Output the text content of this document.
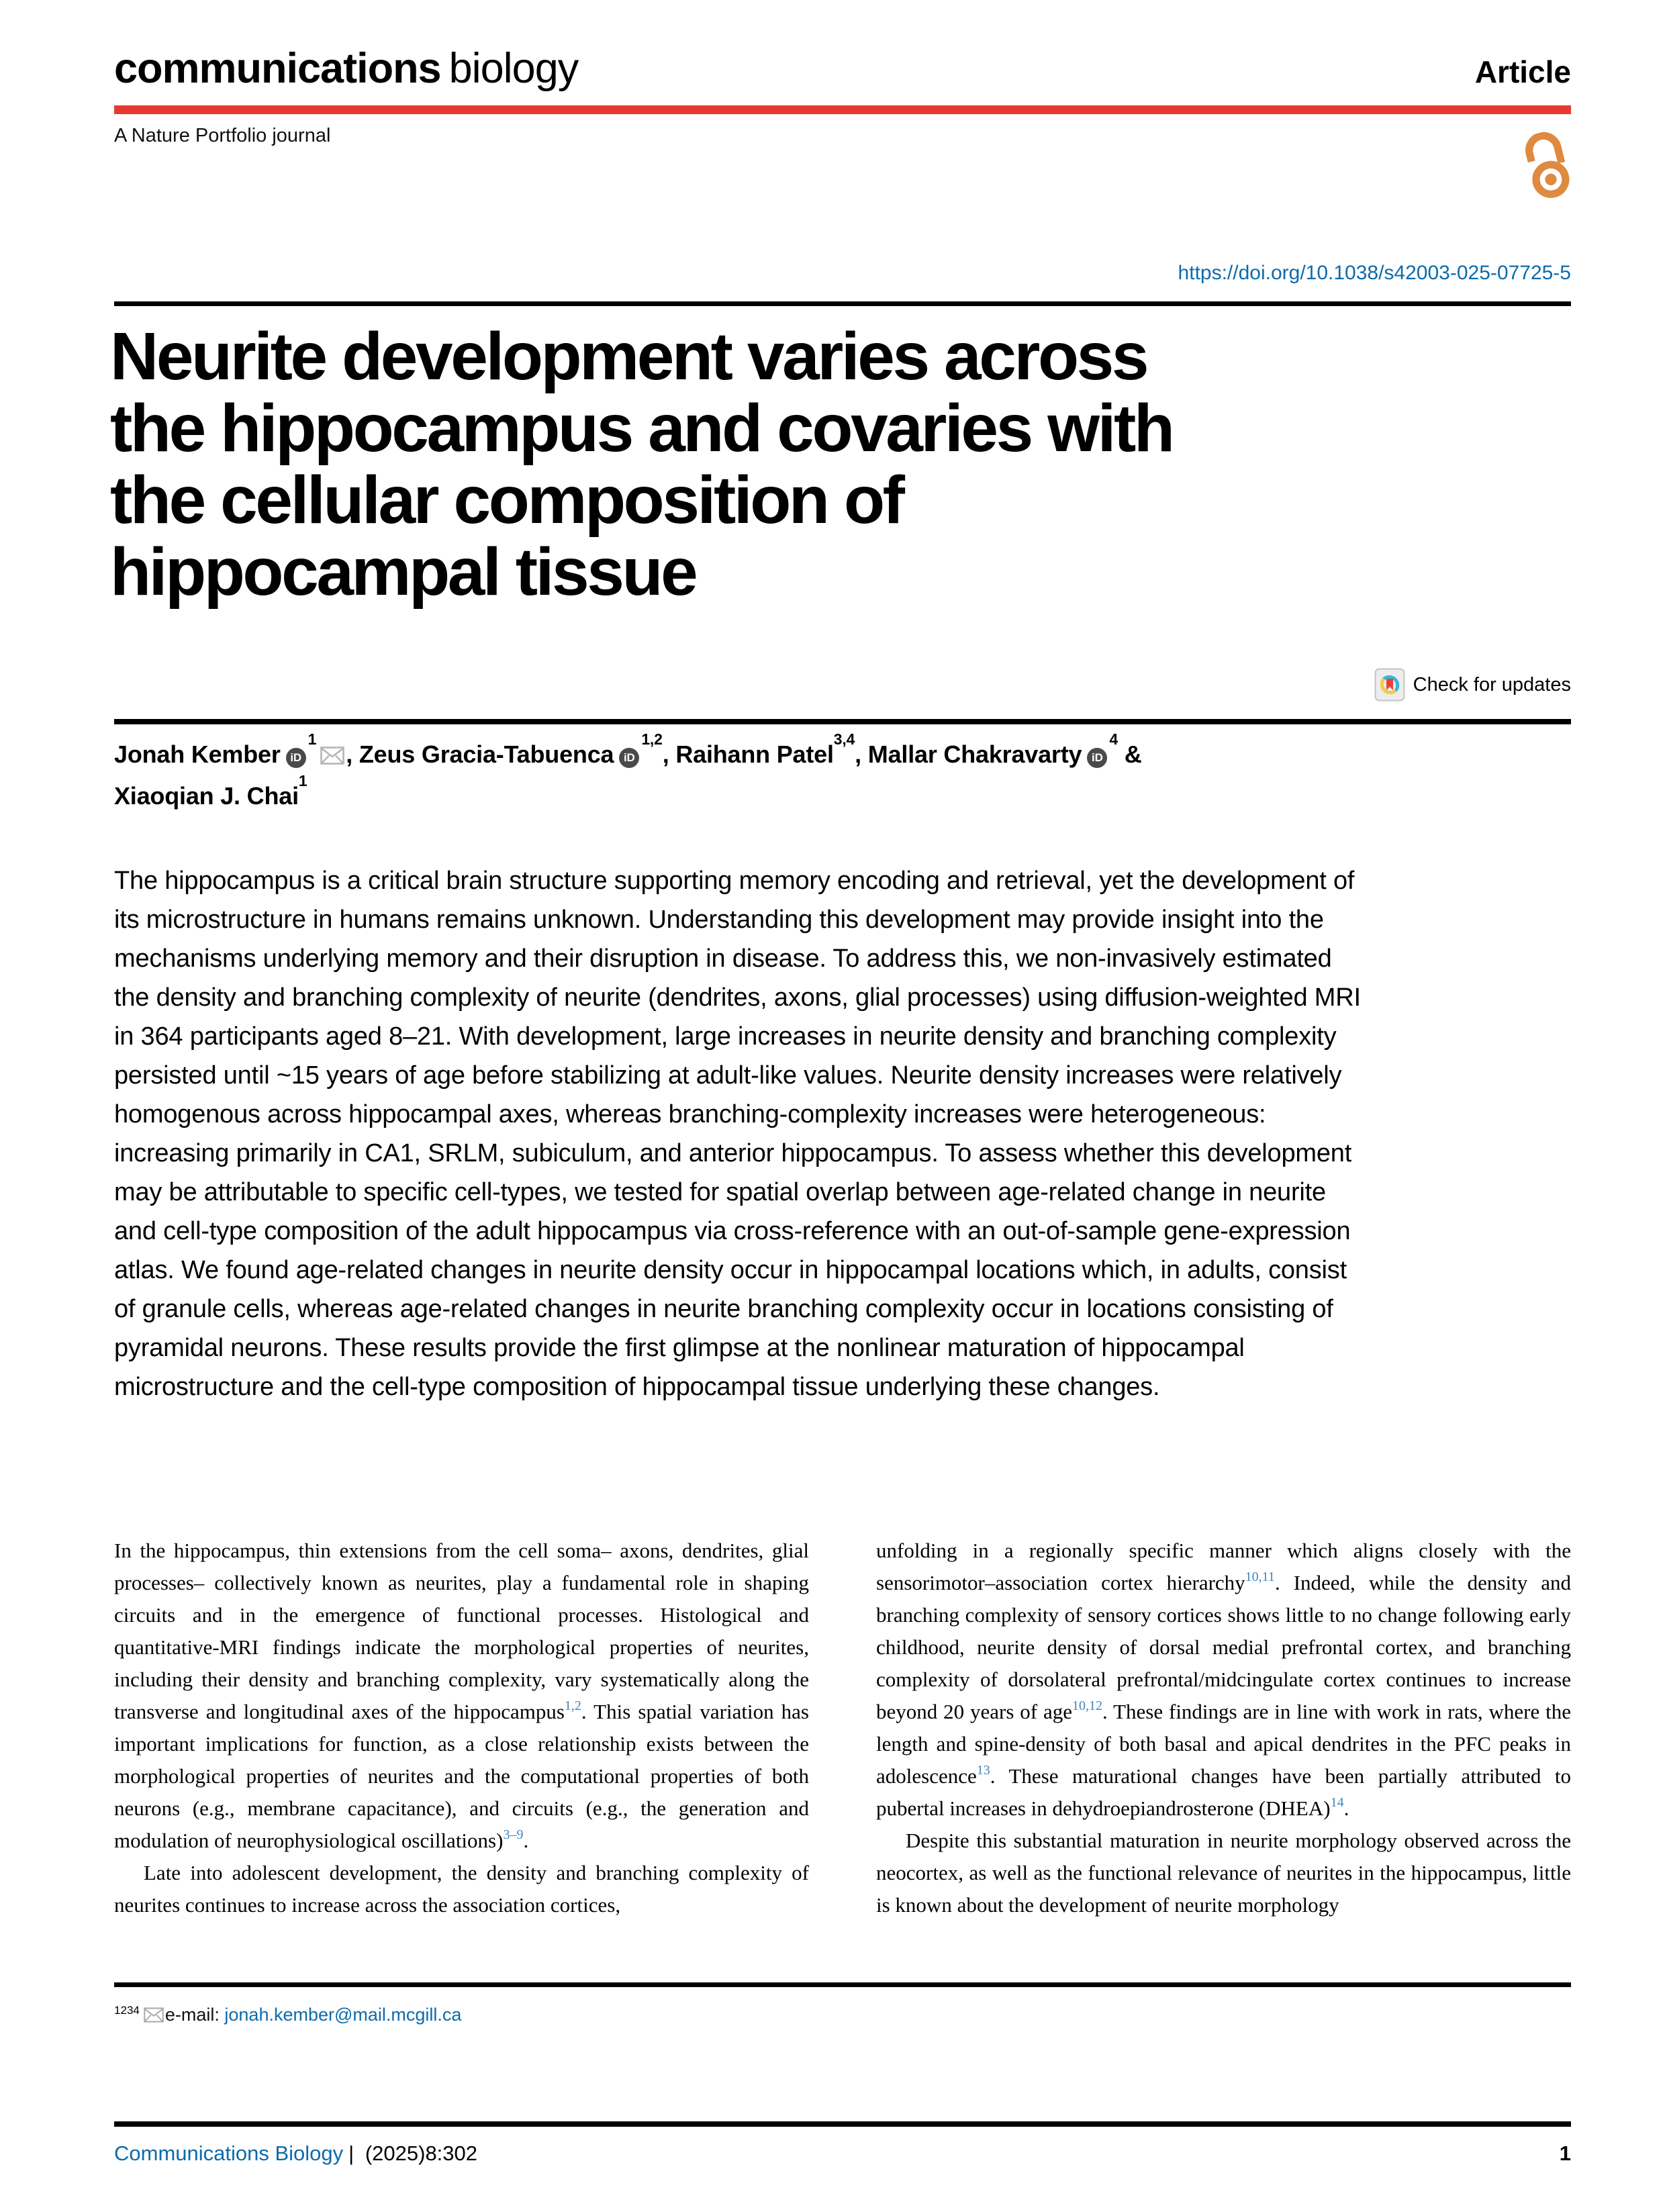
communications biology	Article
A Nature Portfolio journal
https://doi.org/10.1038/s42003-025-07725-5
Neurite development varies across
the hippocampus and covaries with
the cellular composition of
hippocampal tissue
Check for updates
Jonah Kember $iD^1$, Zeus Gracia-Tabuenca iD$^{1,2}$, Raihann Patel$^{3,4}$, Mallar Chakravarty $iD^4$ &
Xiaoqian J. Chai$^1$

The hippocampus is a critical brain structure supporting memory encoding and retrieval, yet the development of its microstructure in humans remains unknown. Understanding this development may provide insight into the mechanisms underlying memory and their disruption in disease. To address this, we non-invasively estimated the density and branching complexity of neurite (dendrites, axons, glial processes) using diffusion-weighted MRI in 364 participants aged 8–21. With development, large increases in neurite density and branching complexity persisted until ~15 years of age before stabilizing at adult-like values. Neurite density increases were relatively homogenous across hippocampal axes, whereas branching-complexity increases were heterogeneous: increasing primarily in CA1, SRLM, subiculum, and anterior hippocampus. To assess whether this development may be attributable to specific cell-types, we tested for spatial overlap between age-related change in neurite and cell-type composition of the adult hippocampus via cross-reference with an out-of-sample gene-expression atlas. We found age-related changes in neurite density occur in hippocampal locations which, in adults, consist of granule cells, whereas age-related changes in neurite branching complexity occur in locations consisting of pyramidal neurons. These results provide the first glimpse at the nonlinear maturation of hippocampal microstructure and the cell-type composition of hippocampal tissue underlying these changes.

In the hippocampus, thin extensions from the cell soma– axons, dendrites, glial processes– collectively known as neurites, play a fundamental role in shaping circuits and in the emergence of functional processes. Histological and quantitative-MRI findings indicate the morphological properties of neurites, including their density and branching complexity, vary systematically along the transverse and longitudinal axes of the hippocampus$^{1,2}$. This spatial variation has important implications for function, as a close relationship exists between the morphological properties of neurites and the computational properties of both neurons (e.g., membrane capacitance), and circuits (e.g., the generation and modulation of neurophysiological oscillations)$^{3-9}$.

Late into adolescent development, the density and branching complexity of neurites continues to increase across the association cortices,

unfolding in a regionally specific manner which aligns closely with the sensorimotor–association cortex hierarchy$^{10,11}$. Indeed, while the density and branching complexity of sensory cortices shows little to no change following early childhood, neurite density of dorsal medial prefrontal cortex, and branching complexity of dorsolateral prefrontal/midcingulate cortex continues to increase beyond 20 years of age$^{10,12}$. These findings are in line with work in rats, where the length and spine-density of both basal and apical dendrites in the PFC peaks in adolescence$^{13}$. These maturational changes have been partially attributed to pubertal increases in dehydroepiandrosterone (DHEA)$^{14}$.

Despite this substantial maturation in neurite morphology observed across the neocortex, as well as the functional relevance of neurites in the hippocampus, little is known about the development of neurite morphology

$^{1234}$ e-mail: jonah.kember@mail.mcgill.ca

Communications Biology | (2025)8:302	1
